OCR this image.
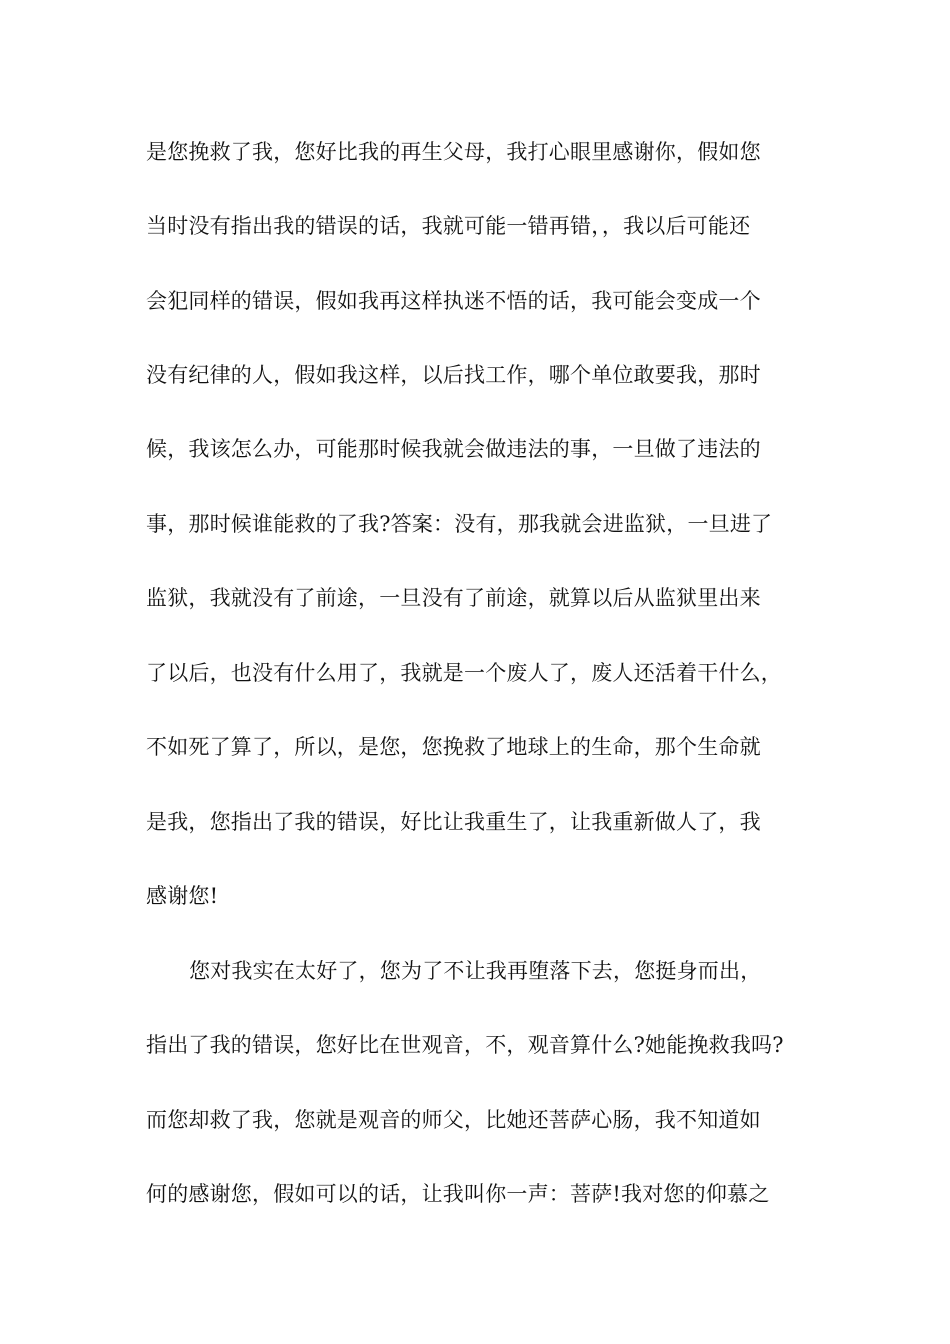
是您挽救了我，您好比我的再生父母，我打心眼里感谢你，假如您
当时没有指出我的错误的话，我就可能一错再错，，我以后可能还
会犯同样的错误，假如我再这样执迷不悟的话，我可能会变成一个
没有纪律的人，假如我这样，以后找工作，哪个单位敢要我，那时
候，我该怎么办，可能那时候我就会做违法的事，一旦做了违法的
事，那时候谁能救的了我?答案：没有，那我就会进监狱，一旦进了
监狱，我就没有了前途，一旦没有了前途，就算以后从监狱里出来
了以后，也没有什么用了，我就是一个废人了，废人还活着干什么，
不如死了算了，所以，是您，您挽救了地球上的生命，那个生命就
是我，您指出了我的错误，好比让我重生了，让我重新做人了，我
感谢您!
您对我实在太好了，您为了不让我再堕落下去，您挺身而出，
指出了我的错误，您好比在世观音，不，观音算什么?她能挽救我吗?
而您却救了我，您就是观音的师父，比她还菩萨心肠，我不知道如
何的感谢您，假如可以的话，让我叫你一声：菩萨!我对您的仰慕之
